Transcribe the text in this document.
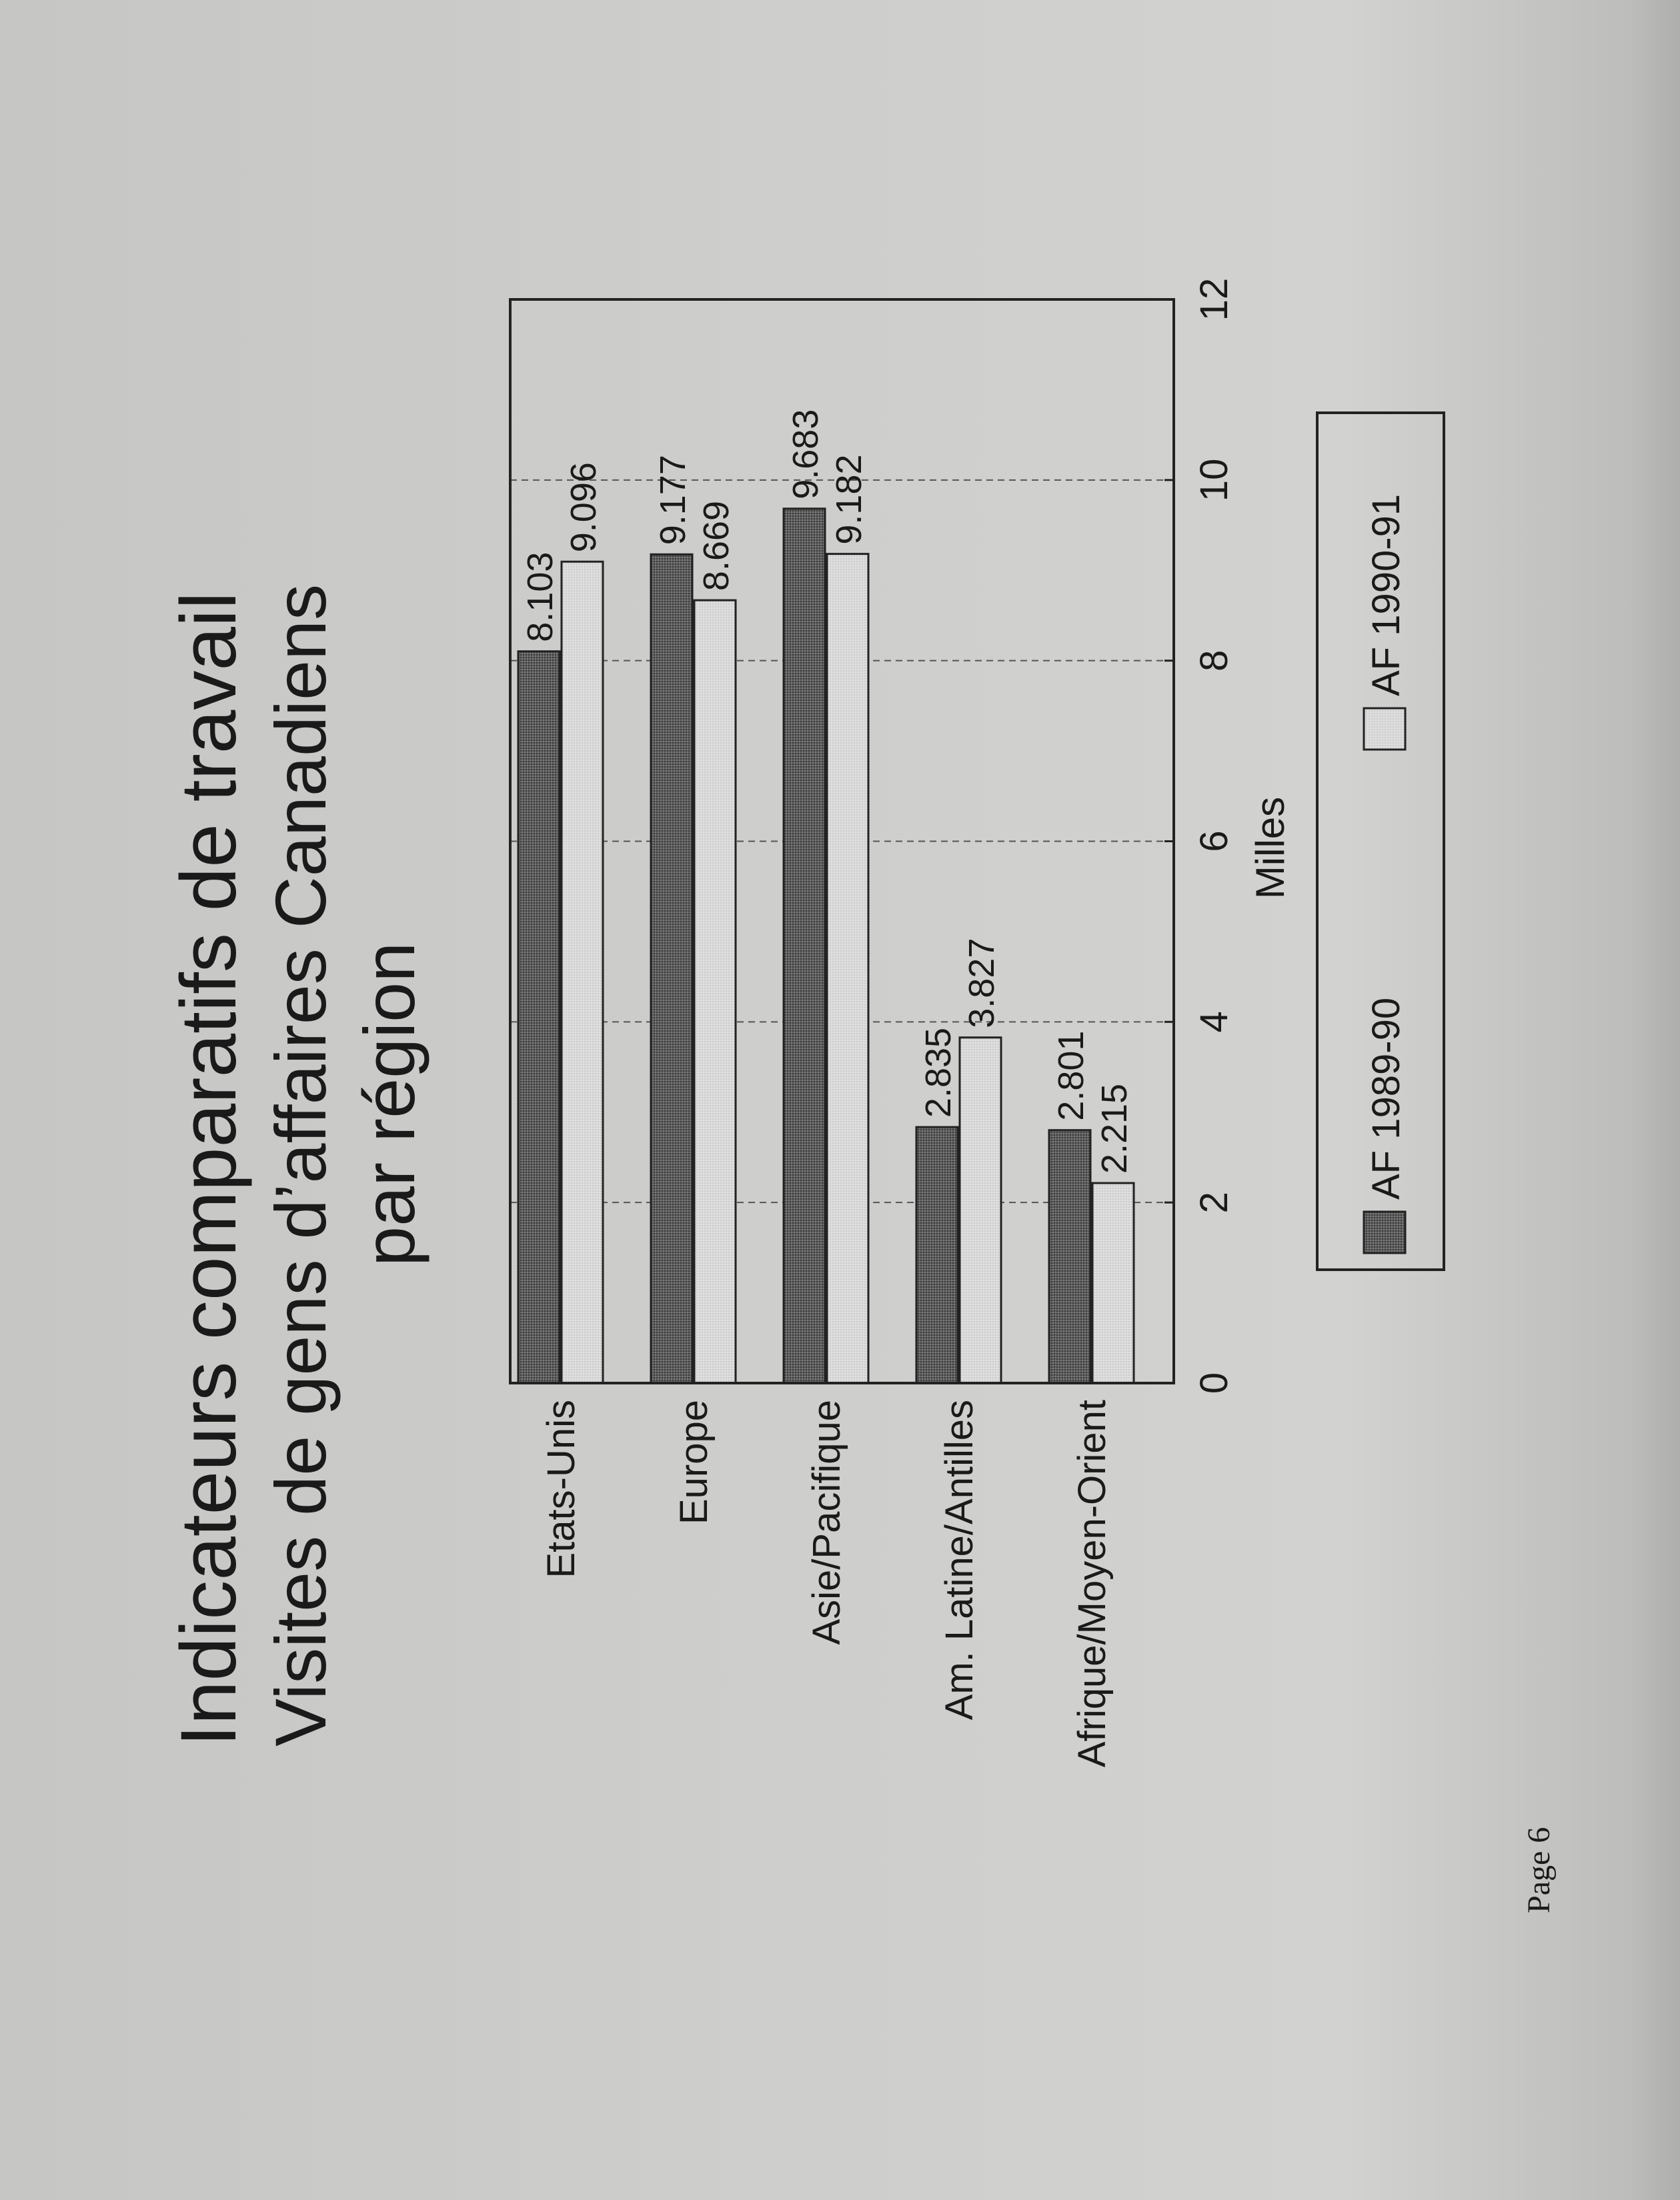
Indicateurs comparatifs de travail Visites de gens d’affaires Canadiens par région
Page 6
8.103
9.096
Etats-Unis
9.177
8.669
Europe
9.683
9.182
Asie/Pacifique
2.835
3.827
Am. Latine/Antilles
2.801
2.215
Afrique/Moyen-Orient
0
2
4
6
8
10
12
Milles
AF 1989-90
AF 1990-91
